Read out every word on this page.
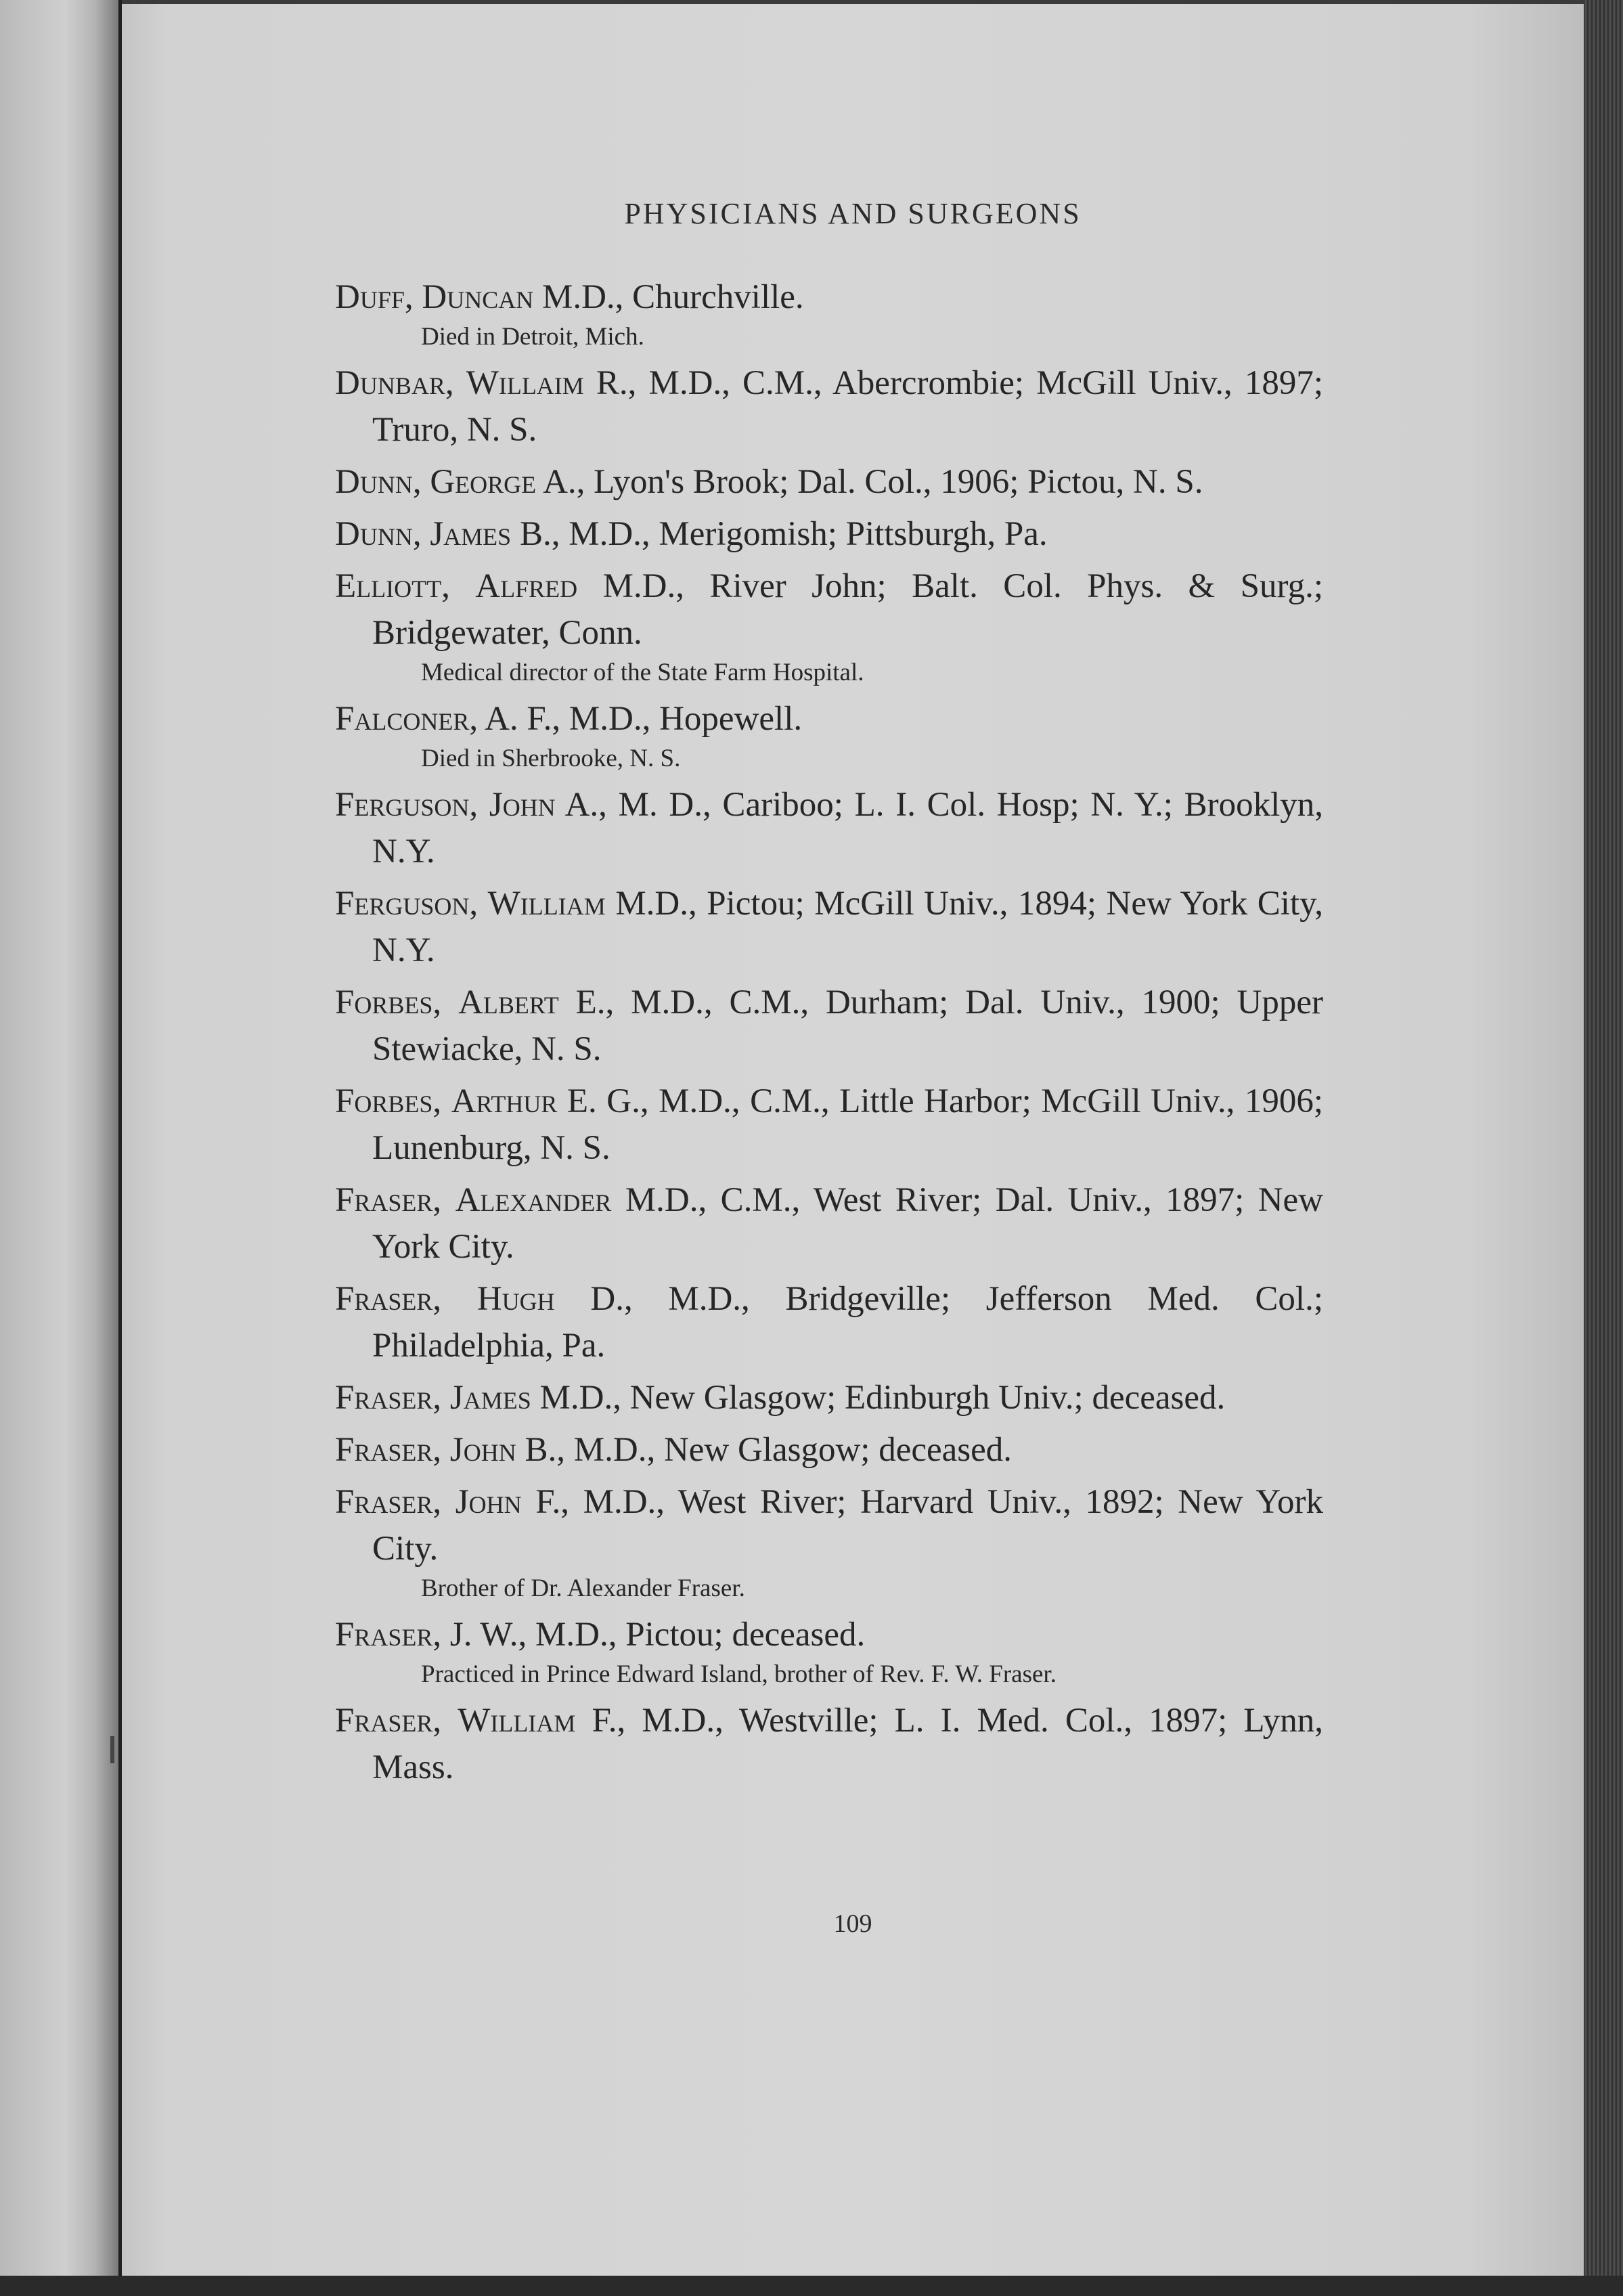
PHYSICIANS AND SURGEONS
Duff, Duncan M.D., Churchville.
Died in Detroit, Mich.
Dunbar, Willaim R., M.D., C.M., Abercrombie; McGill Univ., 1897; Truro, N. S.
Dunn, George A., Lyon's Brook; Dal. Col., 1906; Pictou, N. S.
Dunn, James B., M.D., Merigomish; Pittsburgh, Pa.
Elliott, Alfred M.D., River John; Balt. Col. Phys. & Surg.; Bridgewater, Conn.
Medical director of the State Farm Hospital.
Falconer, A. F., M.D., Hopewell.
Died in Sherbrooke, N. S.
Ferguson, John A., M. D., Cariboo; L. I. Col. Hosp; N. Y.; Brooklyn, N.Y.
Ferguson, William M.D., Pictou; McGill Univ., 1894; New York City, N.Y.
Forbes, Albert E., M.D., C.M., Durham; Dal. Univ., 1900; Upper Stewiacke, N. S.
Forbes, Arthur E. G., M.D., C.M., Little Harbor; McGill Univ., 1906; Lunenburg, N. S.
Fraser, Alexander M.D., C.M., West River; Dal. Univ., 1897; New York City.
Fraser, Hugh D., M.D., Bridgeville; Jefferson Med. Col.; Philadelphia, Pa.
Fraser, James M.D., New Glasgow; Edinburgh Univ.; deceased.
Fraser, John B., M.D., New Glasgow; deceased.
Fraser, John F., M.D., West River; Harvard Univ., 1892; New York City.
Brother of Dr. Alexander Fraser.
Fraser, J. W., M.D., Pictou; deceased.
Practiced in Prince Edward Island, brother of Rev. F. W. Fraser.
Fraser, William F., M.D., Westville; L. I. Med. Col., 1897; Lynn, Mass.
109
